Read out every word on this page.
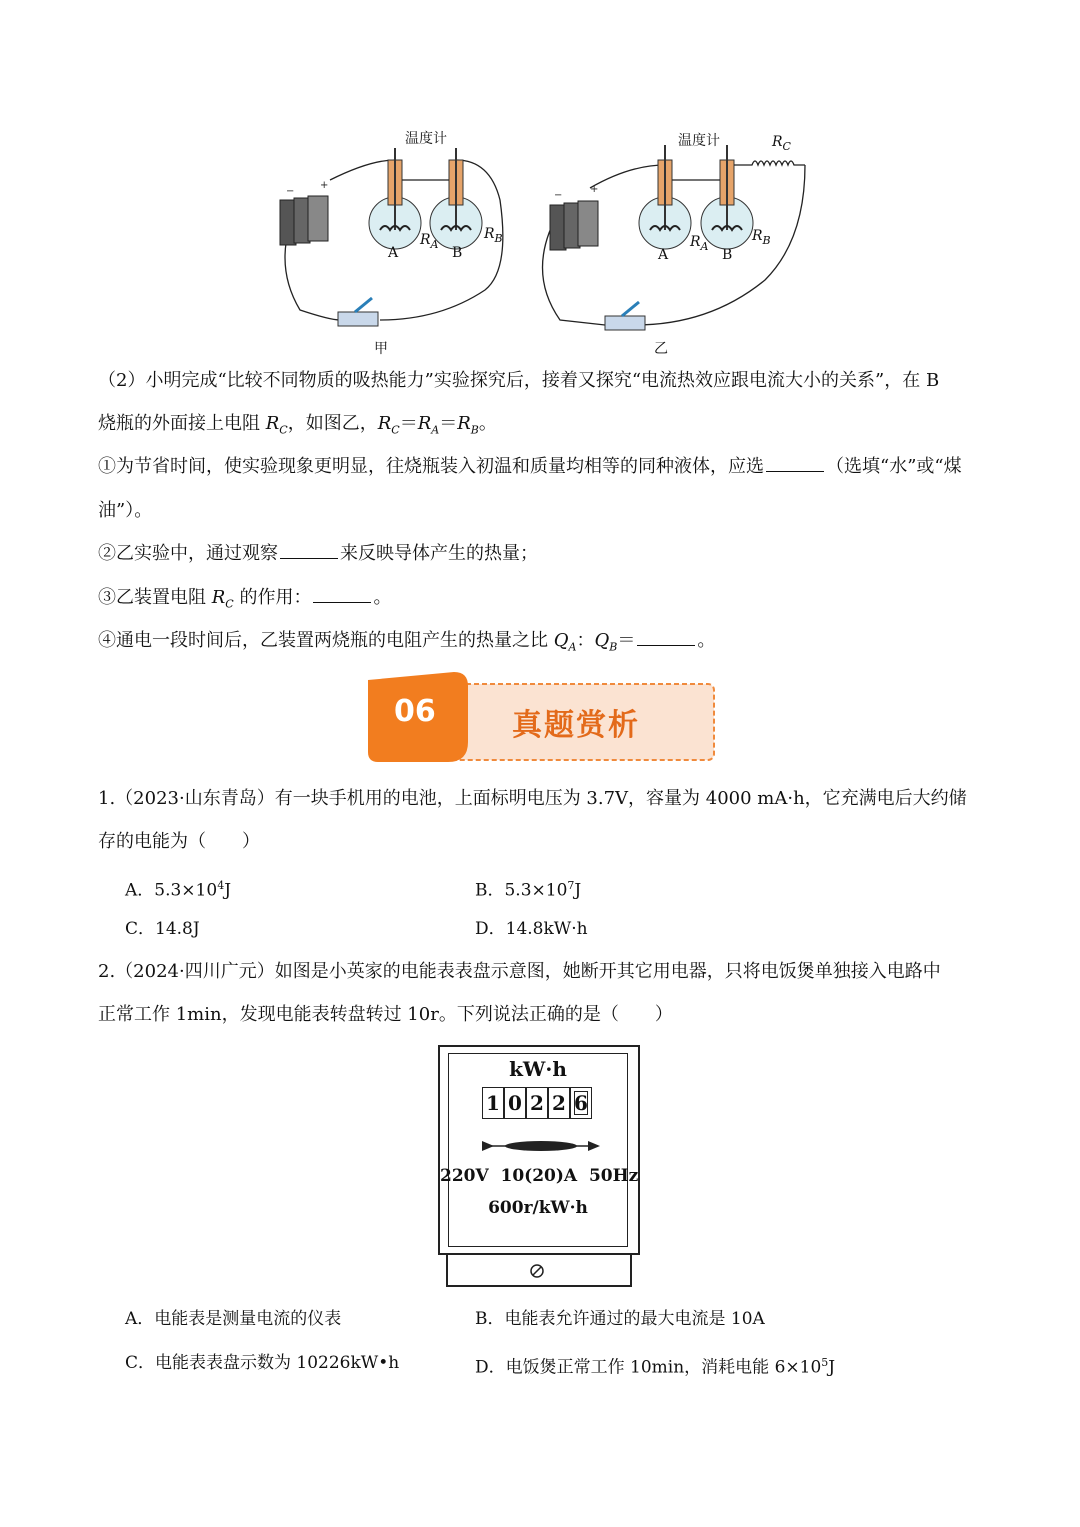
−
+
−
+
温度计	温度计
A	B
$R_A$
$R_B$
A	B
$R_A$
$R_B$
$R_C$
甲	乙
（2）小明完成“比较不同物质的吸热能力”实验探究后，接着又探究“电流热效应跟电流大小的关系”，在 B
烧瓶的外面接上电阻 $R_C$，如图乙，$R_C=R_A=R_B$。
①为节省时间，使实验现象更明显，往烧瓶装入初温和质量均相等的同种液体，应选	（选填“水”或“煤
油”）。
②乙实验中，通过观察	来反映导体产生的热量；
③乙装置电阻 $R_C$ 的作用：	。
④通电一段时间后，乙装置两烧瓶的电阻产生的热量之比 $Q_A$：$Q_B=$	。
06	真题赏析
1.（2023·山东青岛）有一块手机用的电池，上面标明电压为 3.7V，容量为 4000 mA·h，它充满电后大约储
存的电能为（　　）
A．$5.3\times 10^4J$	B．$5.3\times 10^7J$
C．14.8J	D．14.8kW·h
2.（2024·四川广元）如图是小英家的电能表表盘示意图，她断开其它用电器，只将电饭煲单独接入电路中
正常工作 1min，发现电能表转盘转过 10r。下列说法正确的是（　　）
kW·h
1 0 2 2 6
220V  10(20)A  50Hz
600r/kW·h
A．电能表是测量电流的仪表	B．电能表允许通过的最大电流是 10A
C．电能表表盘示数为 10226kW•h	D．电饭煲正常工作 10min，消耗电能 $6\times 10^5J$
